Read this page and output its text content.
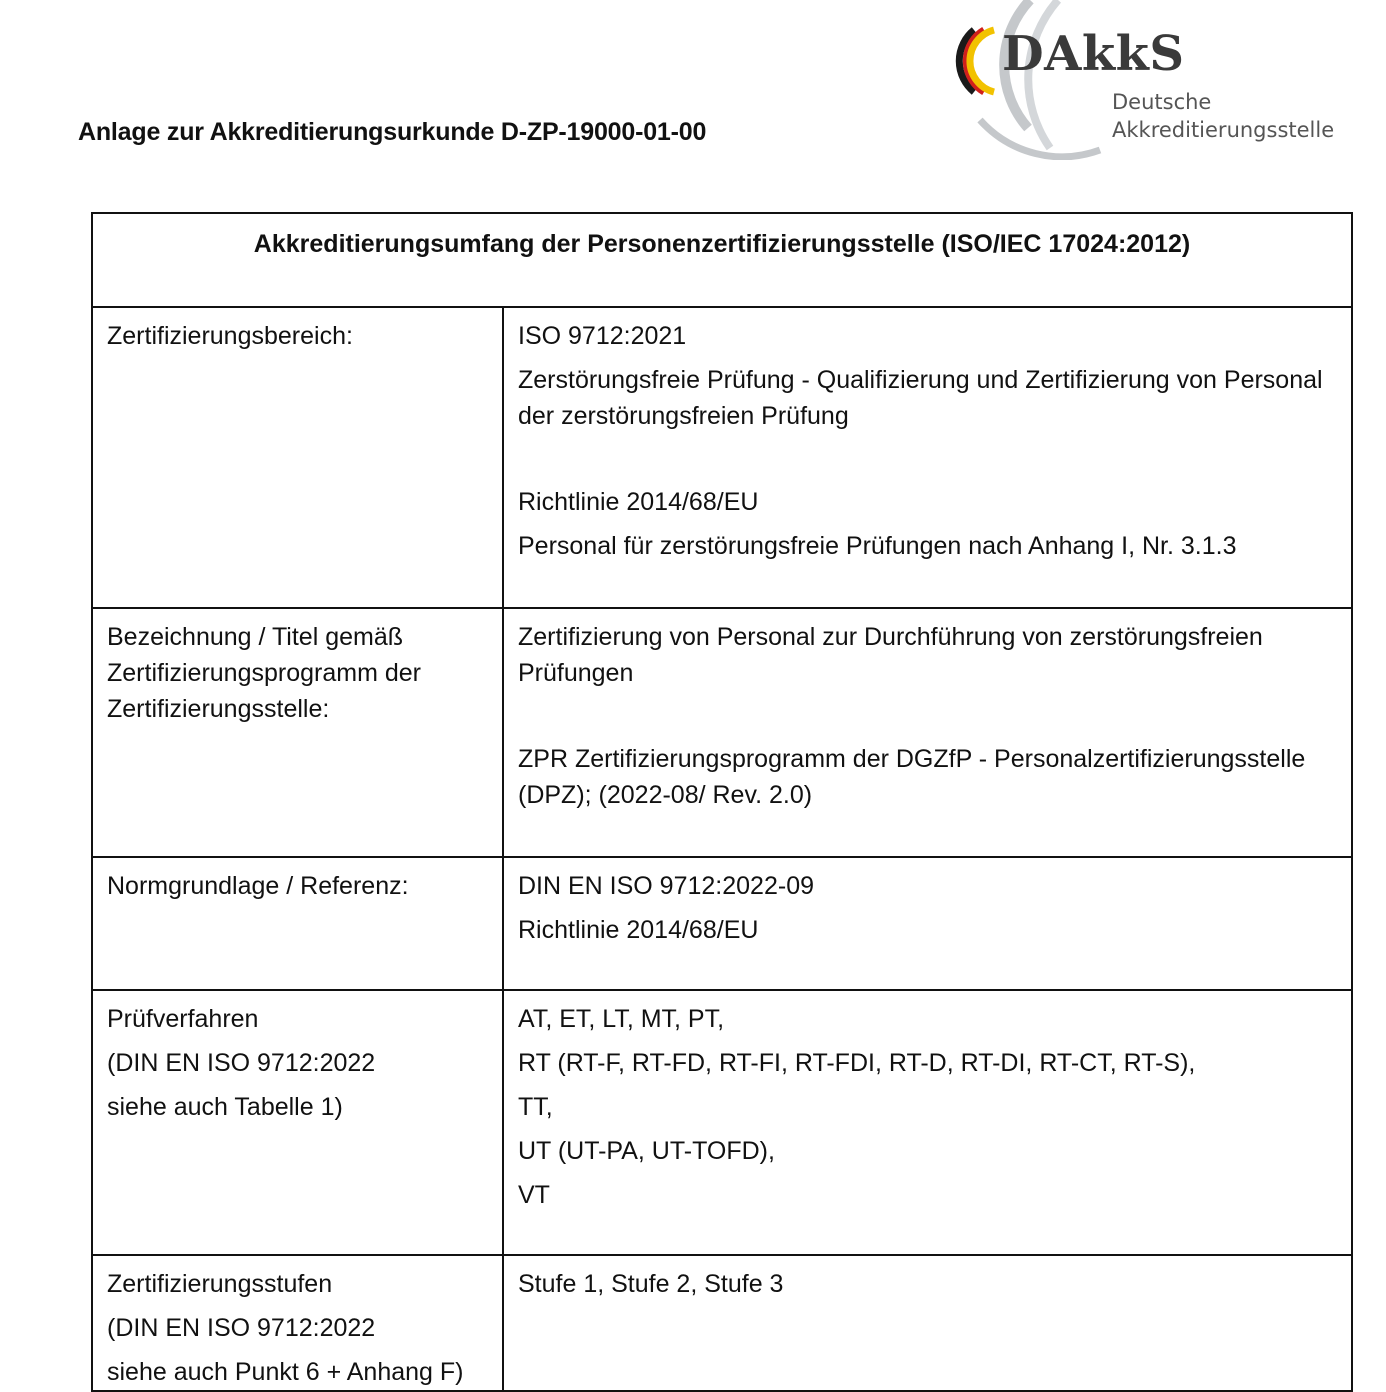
Anlage zur Akkreditierungsurkunde D-ZP-19000-01-00
DAkkS
Deutsche
Akkreditierungsstelle
Akkreditierungsumfang der Personenzertifizierungsstelle (ISO/IEC 17024:2012)	

Zertifizierungsbereich:	ISO 9712:2021
Zerstörungsfreie Prüfung - Qualifizierung und Zertifizierung von Personal der zerstörungsfreien Prüfung
Richtlinie 2014/68/EU
Personal für zerstörungsfreie Prüfungen nach Anhang I, Nr. 3.1.3

Bezeichnung / Titel gemäß Zertifizierungsprogramm der Zertifizierungsstelle:	Zertifizierung von Personal zur Durchführung von zerstörungsfreien Prüfungen
ZPR Zertifizierungsprogramm der DGZfP - Personalzertifizierungsstelle (DPZ); (2022-08/ Rev. 2.0)

Normgrundlage / Referenz:	DIN EN ISO 9712:2022-09
Richtlinie 2014/68/EU

Prüfverfahren
(DIN EN ISO 9712:2022
siehe auch Tabelle 1)	AT, ET, LT, MT, PT,
RT (RT-F, RT-FD, RT-FI, RT-FDI, RT-D, RT-DI, RT-CT, RT-S),
TT,
UT (UT-PA, UT-TOFD),
VT

Zertifizierungsstufen
(DIN EN ISO 9712:2022
siehe auch Punkt 6 + Anhang F)	Stufe 1, Stufe 2, Stufe 3
